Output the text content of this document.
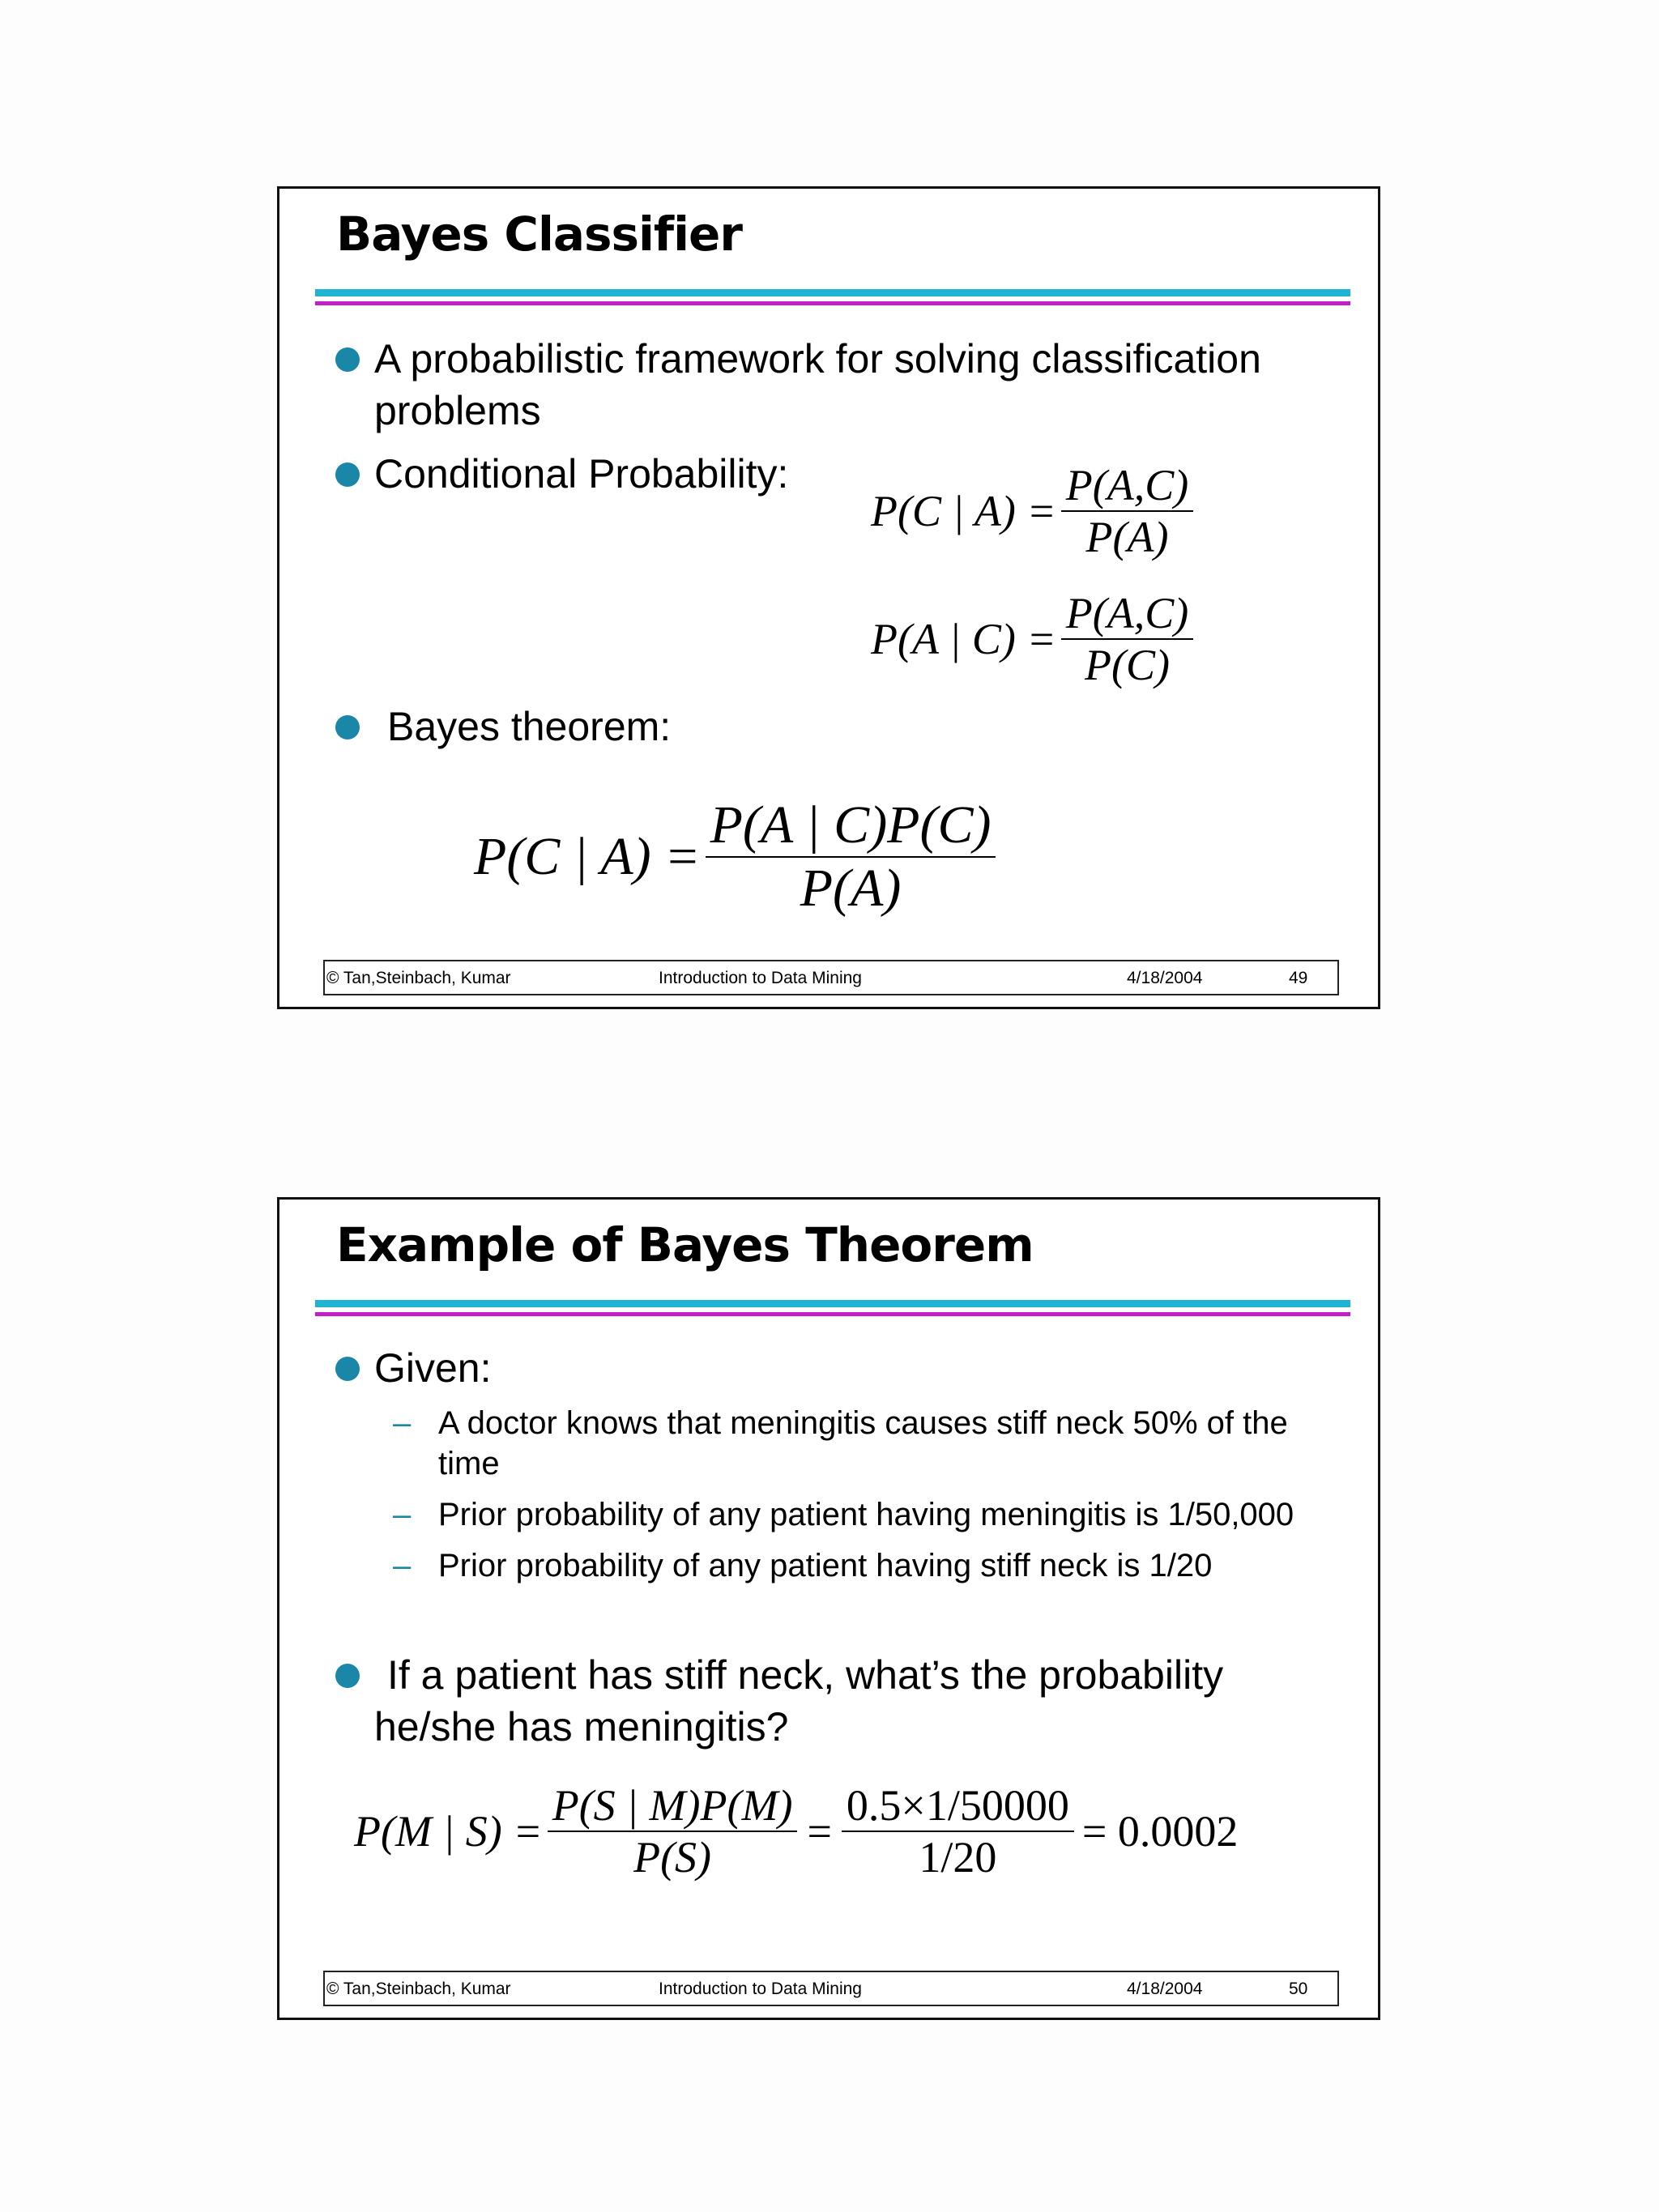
Bayes Classifier
A probabilistic framework for solving classification
problems
Conditional Probability:
P(C | $A) = \frac{P(A,C)}{P(A)}$
P(A | $C) = \frac{P(A,C)}{P(C)}$
Bayes theorem:
P(C | $A) = \frac{P(A | C)P(C)}{P(A)}$
© Tan,Steinbach, Kumar	Introduction to Data Mining	4/18/2004	49
Example of Bayes Theorem
Given:
– A doctor knows that meningitis causes stiff neck 50% of the
time
– Prior probability of any patient having meningitis is 1/50,000
– Prior probability of any patient having stiff neck is 1/20
If a patient has stiff neck, what’s the probability
he/she has meningitis?
P(M | $S) = \frac{P(S | M)P(M)}{P(S)} = \frac{0.5\times 1/50000}{1/20} = 0.0002$
© Tan,Steinbach, Kumar	Introduction to Data Mining	4/18/2004	50
